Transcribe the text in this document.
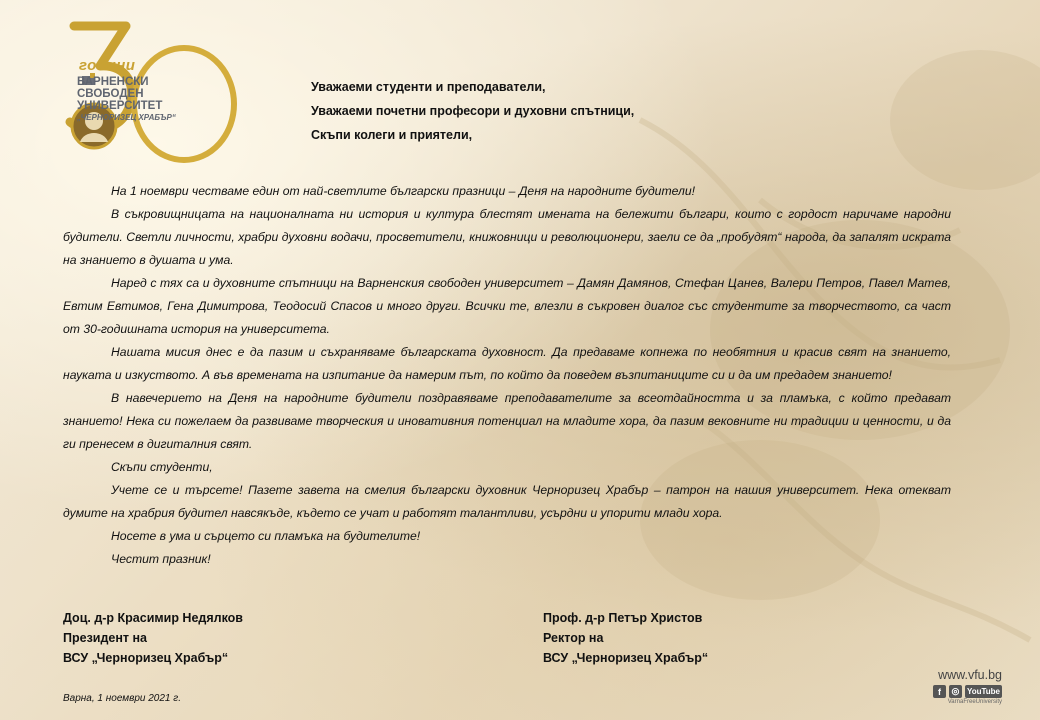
години
ВАРНЕНСКИ
СВОБОДЕН
УНИВЕРСИТЕТ
„ЧЕРНОРИЗЕЦ ХРАБЪР“
Уважаеми студенти и преподаватели,
Уважаеми почетни професори и духовни спътници,
Скъпи колеги и приятели,

На 1 ноември честваме един от най-светлите български празници – Деня на народните будители!

В съкровищницата на националната ни история и култура блестят имената на бележити българи, които с гордост наричаме народни будители. Светли личности, храбри духовни водачи, просветители, книжовници и революционери, заели се да „пробудят“ народа, да запалят искрата на знанието в душата и ума.

Наред с тях са и духовните спътници на Варненския свободен университет – Дамян Дамянов, Стефан Цанев, Валери Петров, Павел Матев, Евтим Евтимов, Гена Димитрова, Теодосий Спасов и много други. Всички те, влезли в съкровен диалог със студентите за творчеството, са част от 30-годишната история на университета.

Нашата мисия днес е да пазим и съхраняваме българската духовност. Да предаваме копнежа по необятния и красив свят на знанието, науката и изкуството. А във времената на изпитание да намерим път, по който да поведем възпитаниците си и да им предадем знанието!

В навечерието на Деня на народните будители поздравяваме преподавателите за всеотдайността и за пламъка, с който предават знанието! Нека си пожелаем да развиваме творческия и иновативния потенциал на младите хора, да пазим вековните ни традиции и ценности, и да ги пренесем в дигиталния свят.

Скъпи студенти,

Учете се и търсете! Пазете завета на смелия български духовник Черноризец Храбър – патрон на нашия университет. Нека отекват думите на храбрия будител навсякъде, където се учат и работят талантливи, усърдни и упорити млади хора.

Носете в ума и сърцето си пламъка на будителите!

Честит празник!

Доц. д-р Красимир Недялков
Президент на
ВСУ „Черноризец Храбър“
Проф. д-р Петър Христов
Ректор на
ВСУ „Черноризец Храбър“
Варна, 1 ноември 2021 г.
www.vfu.bg
f	◎ YouTube
VarnaFreeUniversity
